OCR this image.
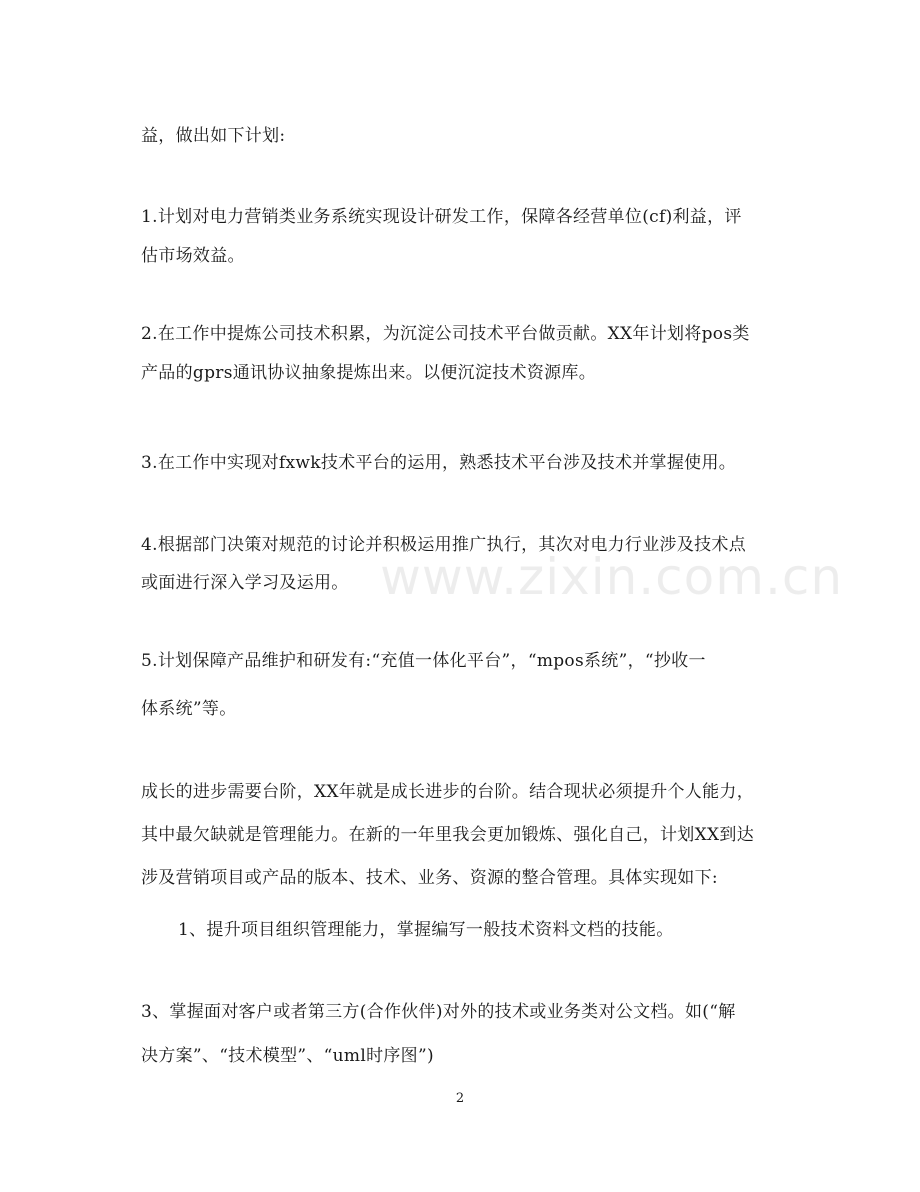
www.zixin.com.cn
益，做出如下计划:
1.计划对电力营销类业务系统实现设计研发工作，保障各经营单位(cf)利益，评
估市场效益。
2.在工作中提炼公司技术积累，为沉淀公司技术平台做贡献。XX年计划将pos类
产品的gprs通讯协议抽象提炼出来。以便沉淀技术资源库。
3.在工作中实现对fxwk技术平台的运用，熟悉技术平台涉及技术并掌握使用。
4.根据部门决策对规范的讨论并积极运用推广执行，其次对电力行业涉及技术点
或面进行深入学习及运用。
5.计划保障产品维护和研发有:“充值一体化平台”，“mpos系统”，“抄收一
体系统”等。
成长的进步需要台阶，XX年就是成长进步的台阶。结合现状必须提升个人能力，
其中最欠缺就是管理能力。在新的一年里我会更加锻炼、强化自己，计划XX到达
涉及营销项目或产品的版本、技术、业务、资源的整合管理。具体实现如下:
1、提升项目组织管理能力，掌握编写一般技术资料文档的技能。
3、掌握面对客户或者第三方(合作伙伴)对外的技术或业务类对公文档。如(“解
决方案”、“技术模型”、“uml时序图”)
2
